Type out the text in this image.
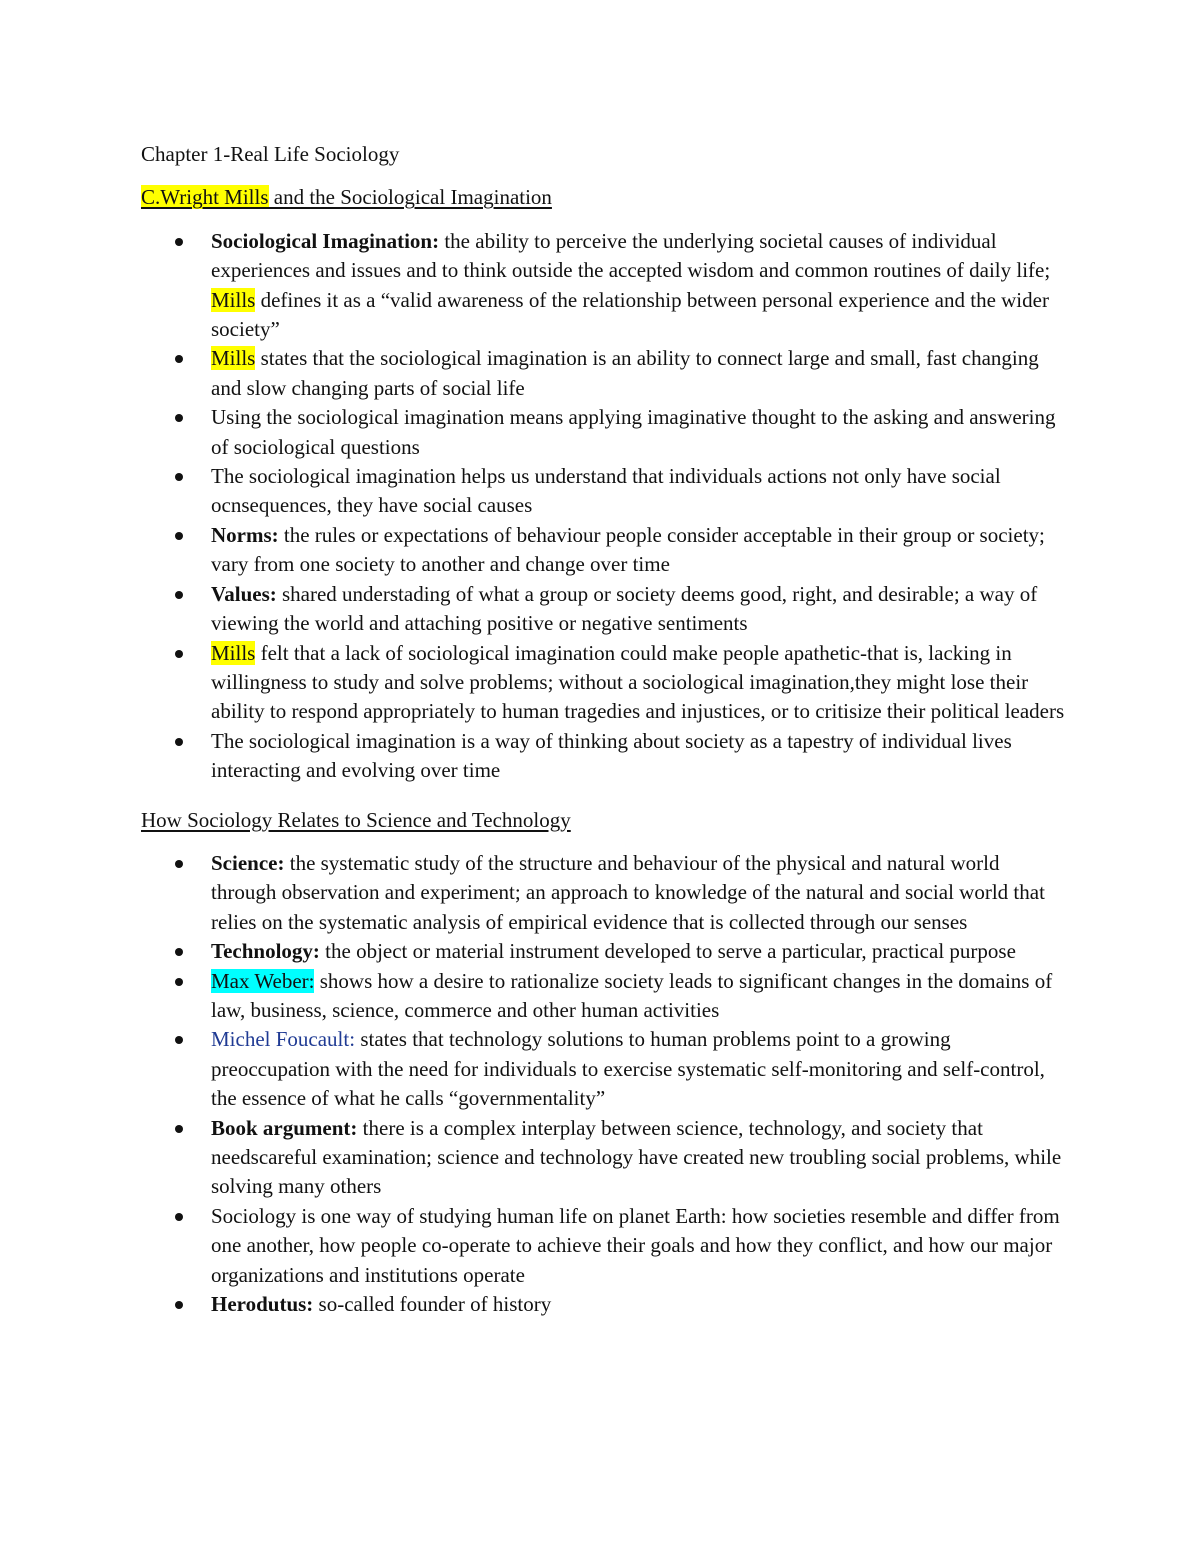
Chapter 1-Real Life Sociology

C.Wright Mills and the Sociological Imagination

Sociological Imagination: the ability to perceive the underlying societal causes of individual experiences and issues and to think outside the accepted wisdom and common routines of daily life; Mills defines it as a “valid awareness of the relationship between personal experience and the wider society”
Mills states that the sociological imagination is an ability to connect large and small, fast changing and slow changing parts of social life
Using the sociological imagination means applying imaginative thought to the asking and answering of sociological questions
The sociological imagination helps us understand that individuals actions not only have social ocnsequences, they have social causes
Norms: the rules or expectations of behaviour people consider acceptable in their group or society; vary from one society to another and change over time
Values: shared understading of what a group or society deems good, right, and desirable; a way of viewing the world and attaching positive or negative sentiments
Mills felt that a lack of sociological imagination could make people apathetic-that is, lacking in willingness to study and solve problems; without a sociological imagination,they might lose their ability to respond appropriately to human tragedies and injustices, or to critisize their political leaders
The sociological imagination is a way of thinking about society as a tapestry of individual lives interacting and evolving over time

How Sociology Relates to Science and Technology

Science: the systematic study of the structure and behaviour of the physical and natural world through observation and experiment; an approach to knowledge of the natural and social world that relies on the systematic analysis of empirical evidence that is collected through our senses
Technology: the object or material instrument developed to serve a particular, practical purpose
Max Weber: shows how a desire to rationalize society leads to significant changes in the domains of law, business, science, commerce and other human activities
Michel Foucault: states that technology solutions to human problems point to a growing preoccupation with the need for individuals to exercise systematic self-monitoring and self-control, the essence of what he calls “governmentality”
Book argument: there is a complex interplay between science, technology, and society that needscareful examination; science and technology have created new troubling social problems, while solving many others
Sociology is one way of studying human life on planet Earth: how societies resemble and differ from one another, how people co-operate to achieve their goals and how they conflict, and how our major organizations and institutions operate
Herodutus: so-called founder of history
